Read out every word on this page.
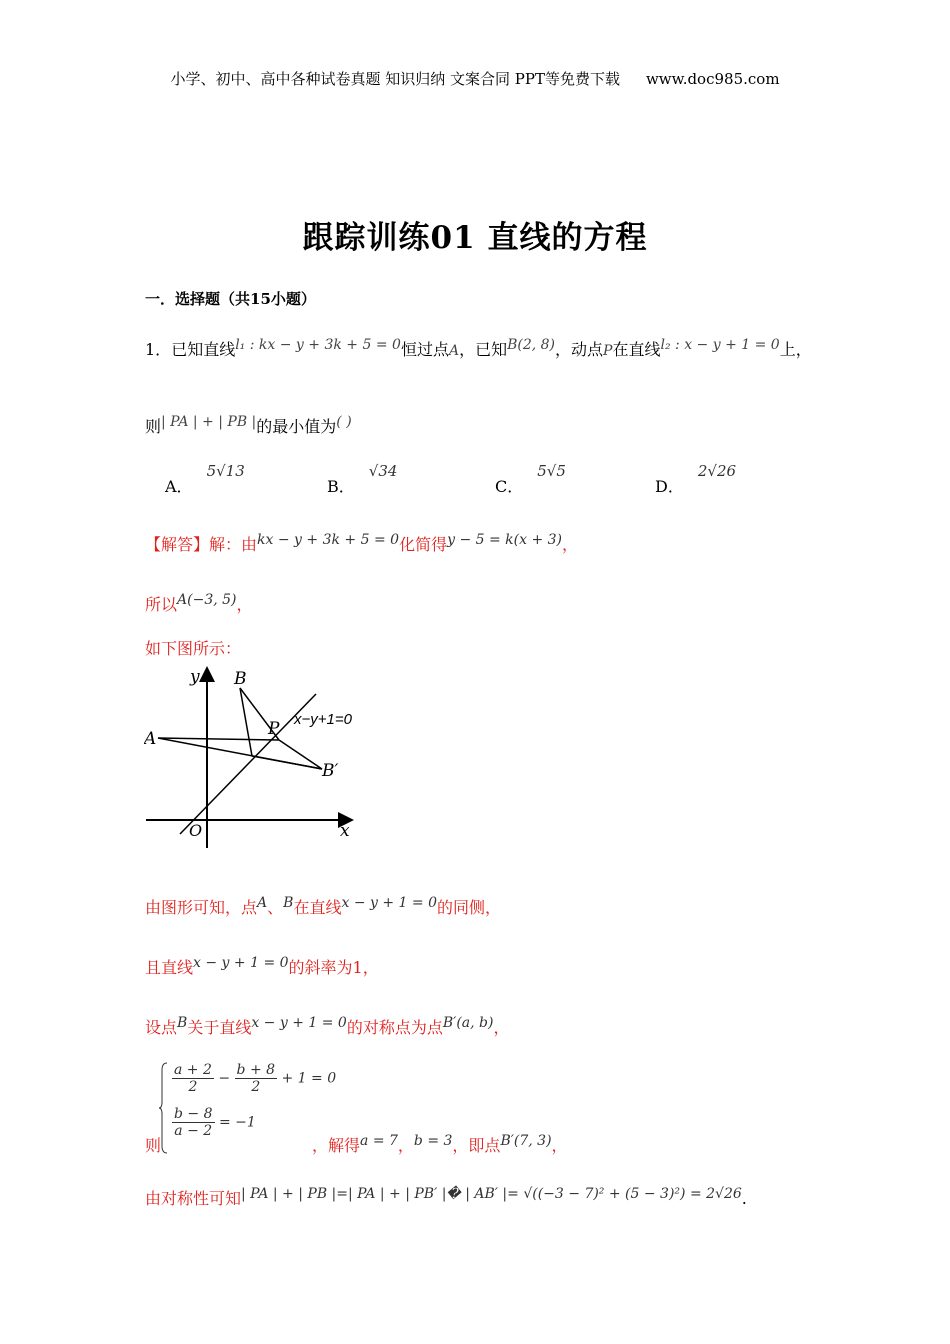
小学、初中、高中各种试卷真题 知识归纳 文案合同 PPT等免费下载 www.doc985.com
跟踪训练01 直线的方程
一．选择题（共15小题）
1．已知直线l₁ : kx − y + 3k + 5 = 0恒过点A，已知B(2, 8)，动点P在直线l₂ : x − y + 1 = 0上，
则| PA | + | PB |的最小值为( )
A．5√13
B．√34
C．5√5
D．2√26
【解答】解：由kx − y + 3k + 5 = 0化简得y − 5 = k(x + 3)，
所以A(−3, 5)，
如下图所示：
y
x
O
A
B
P
B′
x−y+1=0
由图形可知，点A、B在直线x − y + 1 = 0的同侧，
且直线x − y + 1 = 0的斜率为1，
设点B关于直线x − y + 1 = 0的对称点为点B′(a, b)，
$\frac{a + 2}{2} - \frac{b + 8}{2} + 1 = 0$
$\frac{b - 8}{a - 2} = -1$
则	，解得a = 7，b = 3，即点B′(7, 3)，
由对称性可知| PA | + | PB |=| PA | + | PB′ |� | AB′ |= √((−3 − 7)² + (5 − 3)²) = 2√26.
